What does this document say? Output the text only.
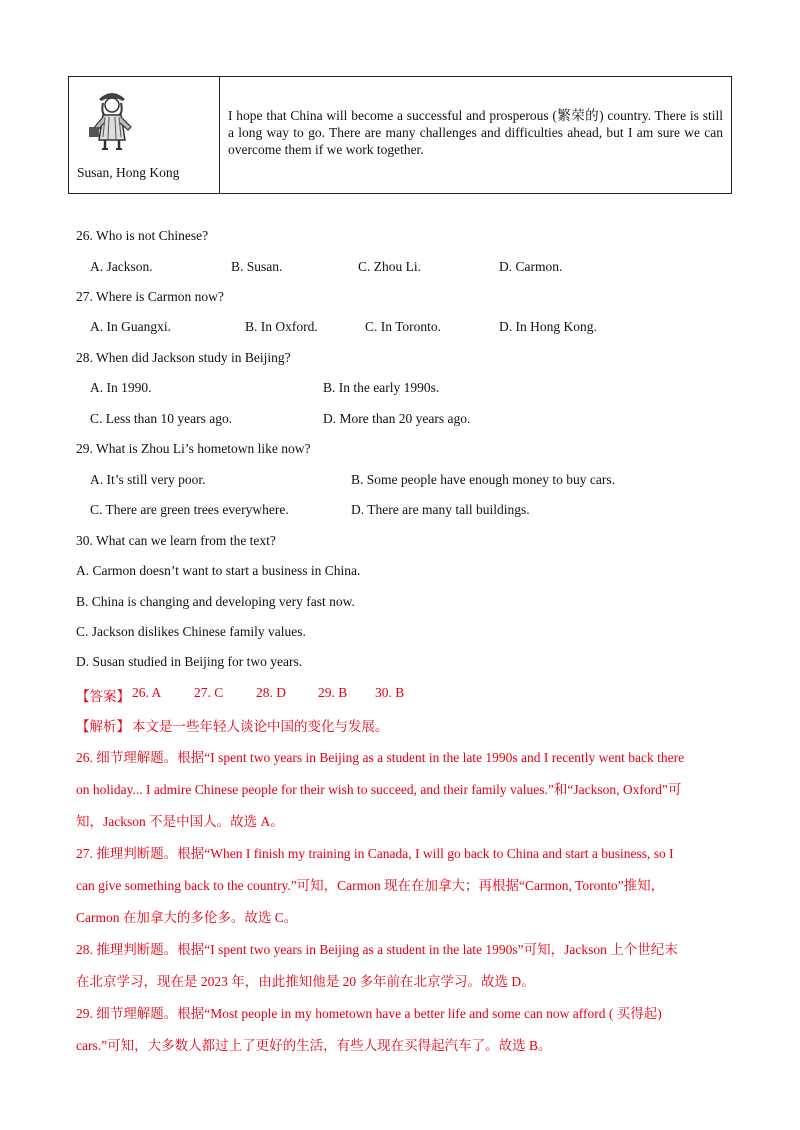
Susan, Hong Kong
I hope that China will become a successful and prosperous (繁荣的) country. There is still a long way to go. There are many challenges and difficulties ahead, but I am sure we can overcome them if we work together.
26. Who is not Chinese?
A. Jackson.	B. Susan.	C. Zhou Li.	D. Carmon.
27. Where is Carmon now?
A. In Guangxi.	B. In Oxford.	C. In Toronto.	D. In Hong Kong.
28. When did Jackson study in Beijing?
A. In 1990.	B. In the early 1990s.
C. Less than 10 years ago.	D. More than 20 years ago.
29. What is Zhou Li’s hometown like now?
A. It’s still very poor.	B. Some people have enough money to buy cars.
C. There are green trees everywhere.	D. There are many tall buildings.
30. What can we learn from the text?
A. Carmon doesn’t want to start a business in China.
B. China is changing and developing very fast now.
C. Jackson dislikes Chinese family values.
D. Susan studied in Beijing for two years.
【答案】 26. A 27. C 28. D 29. B 30. B
【解析】 本文是一些年轻人谈论中国的变化与发展。
26. 细节理解题。根据“I spent two years in Beijing as a student in the late 1990s and I recently went back there
on holiday... I admire Chinese people for their wish to succeed, and their family values.”和“Jackson, Oxford”可
知，Jackson 不是中国人。故选 A。
27. 推理判断题。根据“When I finish my training in Canada, I will go back to China and start a business, so I
can give something back to the country.”可知，Carmon 现在在加拿大；再根据“Carmon, Toronto”推知，
Carmon 在加拿大的多伦多。故选 C。
28. 推理判断题。根据“I spent two years in Beijing as a student in the late 1990s”可知，Jackson 上个世纪末
在北京学习，现在是 2023 年，由此推知他是 20 多年前在北京学习。故选 D。
29. 细节理解题。根据“Most people in my hometown have a better life and some can now afford ( 买得起)
cars.”可知，大多数人都过上了更好的生活，有些人现在买得起汽车了。故选 B。
